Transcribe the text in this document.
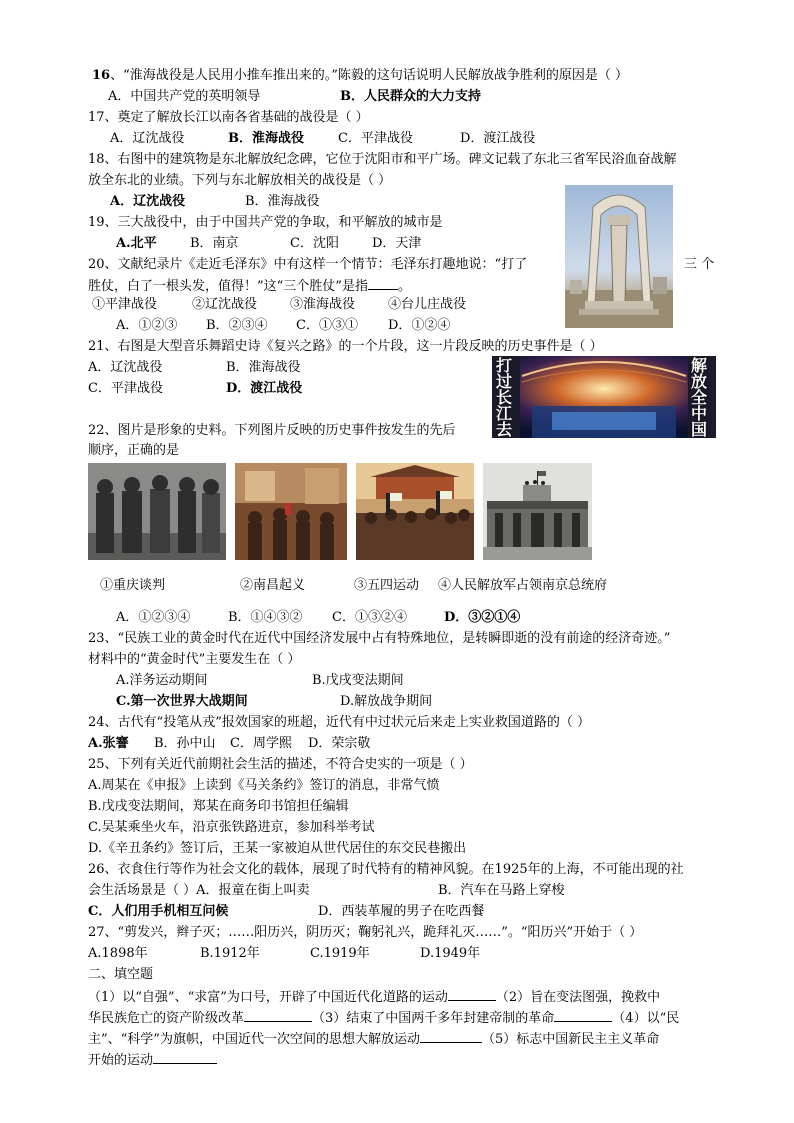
16、“淮海战役是人民用小推车推出来的。”陈毅的这句话说明人民解放战争胜利的原因是（ ）
A．中国共产党的英明领导	B．人民群众的大力支持
17、奠定了解放长江以南各省基础的战役是（ ）
A．辽沈战役	B．淮海战役	C．平津战役	D．渡江战役
18、右图中的建筑物是东北解放纪念碑，它位于沈阳市和平广场。碑文记载了东北三省军民浴血奋战解
放全东北的业绩。下列与东北解放相关的战役是（ ）
A．辽沈战役	B．淮海战役
19、三大战役中，由于中国共产党的争取，和平解放的城市是
A.北平	B．南京	C．沈阳	D．天津
20、文献纪录片《走近毛泽东》中有这样一个情节：毛泽东打趣地说：“打了	三 个
胜仗，白了一根头发，值得！”这“三个胜仗”是指 。
①平津战役	②辽沈战役	③淮海战役	④台儿庄战役
A．①②③ B．②③④ C．①③① D．①②④
21、右图是大型音乐舞蹈史诗《复兴之路》的一个片段，这一片段反映的历史事件是（ ）
A．辽沈战役	B．淮海战役
C．平津战役	D．渡江战役
打过长江去
解放全中国
22、图片是形象的史料。下列图片反映的历史事件按发生的先后
顺序，正确的是
①重庆谈判	②南昌起义	③五四运动 ④人民解放军占领南京总统府
A．①②③④	B．①④③② C．①③②④	D．③②①④
23、“民族工业的黄金时代在近代中国经济发展中占有特殊地位，是转瞬即逝的没有前途的经济奇迹。”
材料中的“黄金时代”主要发生在（ ）
A.洋务运动期间	B.戊戌变法期间
C.第一次世界大战期间	D.解放战争期间
24、古代有“投笔从戎”报效国家的班超，近代有中过状元后来走上实业救国道路的（ ）
A.张謇 B．孙中山 C．周学熙 D．荣宗敬
25、下列有关近代前期社会生活的描述，不符合史实的一项是（ ）
A.周某在《申报》上读到《马关条约》签订的消息，非常气愤
B.戊戌变法期间，郑某在商务印书馆担任编辑
C.吴某乘坐火车，沿京张铁路进京，参加科举考试
D.《辛丑条约》签订后，王某一家被迫从世代居住的东交民巷搬出
26、衣食住行等作为社会文化的载体，展现了时代特有的精神风貌。在1925年的上海，不可能出现的社
会生活场景是（ ）A．报童在街上叫卖	B．汽车在马路上穿梭
C．人们用手机相互问候	D．西装革履的男子在吃西餐
27、“剪发兴，辫子灭；……阳历兴，阴历灭；鞠躬礼兴，跪拜礼灭……”。“阳历兴”开始于（ ）
A.1898年	B.1912年	C.1919年	D.1949年
二、填空题
（1）以“自强”、“求富”为口号，开辟了中国近代化道路的运动	（2）旨在变法图强，挽救中
华民族危亡的资产阶级改革	（3）结束了中国两千多年封建帝制的革命	（4）以“民
主”、“科学”为旗帜，中国近代一次空间的思想大解放运动	（5）标志中国新民主主义革命
开始的运动
